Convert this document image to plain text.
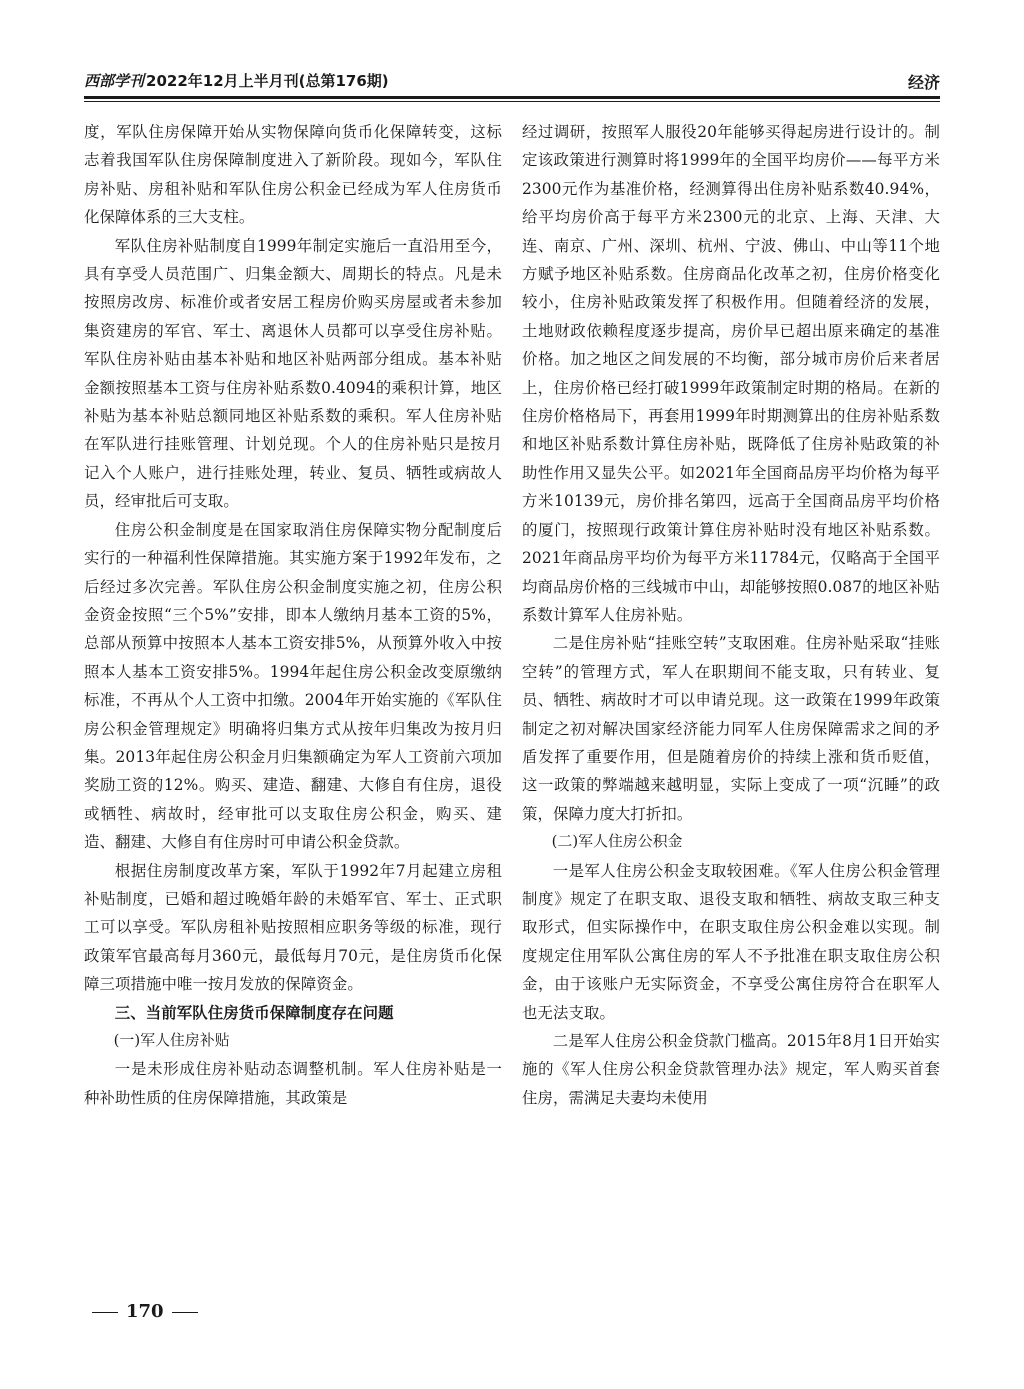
西部学刊 2022年12月上半月刊(总第176期)	经济

度，军队住房保障开始从实物保障向货币化保障转变，这标志着我国军队住房保障制度进入了新阶段。现如今，军队住房补贴、房租补贴和军队住房公积金已经成为军人住房货币化保障体系的三大支柱。

军队住房补贴制度自1999年制定实施后一直沿用至今，具有享受人员范围广、归集金额大、周期长的特点。凡是未按照房改房、标准价或者安居工程房价购买房屋或者未参加集资建房的军官、军士、离退休人员都可以享受住房补贴。军队住房补贴由基本补贴和地区补贴两部分组成。基本补贴金额按照基本工资与住房补贴系数0.4094的乘积计算，地区补贴为基本补贴总额同地区补贴系数的乘积。军人住房补贴在军队进行挂账管理、计划兑现。个人的住房补贴只是按月记入个人账户，进行挂账处理，转业、复员、牺牲或病故人员，经审批后可支取。

住房公积金制度是在国家取消住房保障实物分配制度后实行的一种福利性保障措施。其实施方案于1992年发布，之后经过多次完善。军队住房公积金制度实施之初，住房公积金资金按照“三个5%”安排，即本人缴纳月基本工资的5%，总部从预算中按照本人基本工资安排5%，从预算外收入中按照本人基本工资安排5%。1994年起住房公积金改变原缴纳标准，不再从个人工资中扣缴。2004年开始实施的《军队住房公积金管理规定》明确将归集方式从按年归集改为按月归集。2013年起住房公积金月归集额确定为军人工资前六项加奖励工资的12%。购买、建造、翻建、大修自有住房，退役或牺牲、病故时，经审批可以支取住房公积金，购买、建造、翻建、大修自有住房时可申请公积金贷款。

根据住房制度改革方案，军队于1992年7月起建立房租补贴制度，已婚和超过晚婚年龄的未婚军官、军士、正式职工可以享受。军队房租补贴按照相应职务等级的标准，现行政策军官最高每月360元，最低每月70元，是住房货币化保障三项措施中唯一按月发放的保障资金。

三、当前军队住房货币保障制度存在问题
(一)军人住房补贴

一是未形成住房补贴动态调整机制。军人住房补贴是一种补助性质的住房保障措施，其政策是

经过调研，按照军人服役20年能够买得起房进行设计的。制定该政策进行测算时将1999年的全国平均房价——每平方米2300元作为基准价格，经测算得出住房补贴系数40.94%，给平均房价高于每平方米2300元的北京、上海、天津、大连、南京、广州、深圳、杭州、宁波、佛山、中山等11个地方赋予地区补贴系数。住房商品化改革之初，住房价格变化较小，住房补贴政策发挥了积极作用。但随着经济的发展，土地财政依赖程度逐步提高，房价早已超出原来确定的基准价格。加之地区之间发展的不均衡，部分城市房价后来者居上，住房价格已经打破1999年政策制定时期的格局。在新的住房价格格局下，再套用1999年时期测算出的住房补贴系数和地区补贴系数计算住房补贴，既降低了住房补贴政策的补助性作用又显失公平。如2021年全国商品房平均价格为每平方米10139元，房价排名第四，远高于全国商品房平均价格的厦门，按照现行政策计算住房补贴时没有地区补贴系数。2021年商品房平均价为每平方米11784元，仅略高于全国平均商品房价格的三线城市中山，却能够按照0.087的地区补贴系数计算军人住房补贴。

二是住房补贴“挂账空转”支取困难。住房补贴采取“挂账空转”的管理方式，军人在职期间不能支取，只有转业、复员、牺牲、病故时才可以申请兑现。这一政策在1999年政策制定之初对解决国家经济能力同军人住房保障需求之间的矛盾发挥了重要作用，但是随着房价的持续上涨和货币贬值，这一政策的弊端越来越明显，实际上变成了一项“沉睡”的政策，保障力度大打折扣。

(二)军人住房公积金

一是军人住房公积金支取较困难。《军人住房公积金管理制度》规定了在职支取、退役支取和牺牲、病故支取三种支取形式，但实际操作中，在职支取住房公积金难以实现。制度规定住用军队公寓住房的军人不予批准在职支取住房公积金，由于该账户无实际资金，不享受公寓住房符合在职军人也无法支取。

二是军人住房公积金贷款门槛高。2015年8月1日开始实施的《军人住房公积金贷款管理办法》规定，军人购买首套住房，需满足夫妻均未使用

170
